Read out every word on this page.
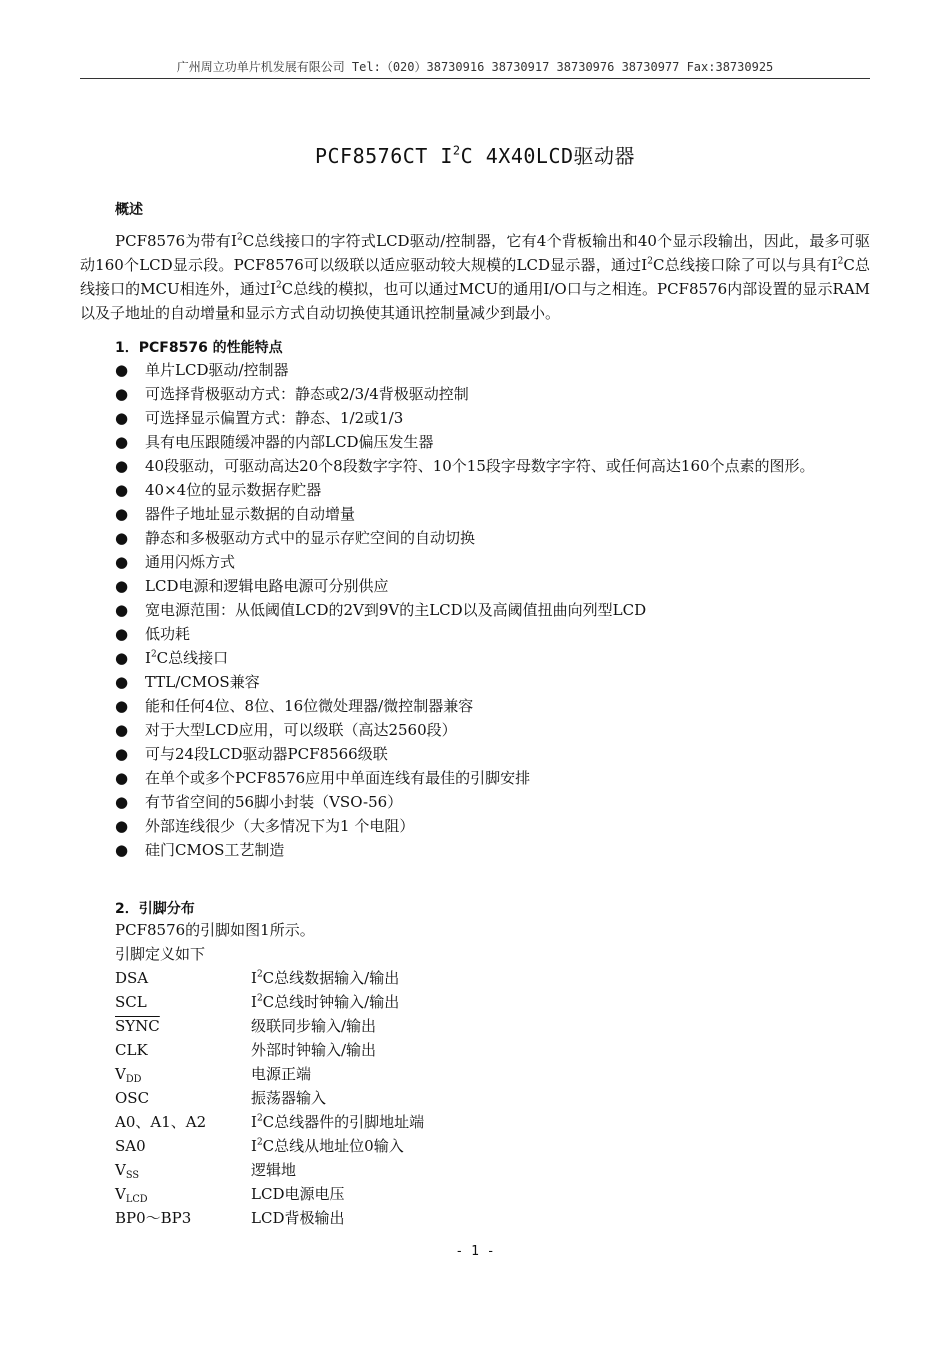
广州周立功单片机发展有限公司 Tel:（020）38730916 38730917 38730976 38730977 Fax:38730925
PCF8576CT $I^2C$ 4X40LCD驱动器
概述
PCF8576为带有$I^2C$总线接口的字符式LCD驱动/控制器，它有4个背板输出和40个显示段输出，因此，最多可驱动160个LCD显示段。PCF8576可以级联以适应驱动较大规模的LCD显示器，通过$I^2C$总线接口除了可以与具有$I^2C$总线接口的MCU相连外，通过$I^2C$总线的模拟，也可以通过MCU的通用I/O口与之相连。PCF8576内部设置的显示RAM以及子地址的自动增量和显示方式自动切换使其通讯控制量减少到最小。
1．PCF8576 的性能特点
● 单片LCD驱动/控制器
● 可选择背极驱动方式：静态或2/3/4背极驱动控制
● 可选择显示偏置方式：静态、1/2或1/3
● 具有电压跟随缓冲器的内部LCD偏压发生器
● 40段驱动，可驱动高达20个8段数字字符、10个15段字母数字字符、或任何高达160个点素的图形。
● 40×4位的显示数据存贮器
● 器件子地址显示数据的自动增量
● 静态和多极驱动方式中的显示存贮空间的自动切换
● 通用闪烁方式
● LCD电源和逻辑电路电源可分别供应
● 宽电源范围：从低阈值LCD的2V到9V的主LCD以及高阈值扭曲向列型LCD
● 低功耗
● $I^2C$总线接口
● TTL/CMOS兼容
● 能和任何4位、8位、16位微处理器/微控制器兼容
● 对于大型LCD应用，可以级联（高达2560段）
● 可与24段LCD驱动器PCF8566级联
● 在单个或多个PCF8576应用中单面连线有最佳的引脚安排
● 有节省空间的56脚小封装（VSO-56）
● 外部连线很少（大多情况下为1 个电阻）
● 硅门CMOS工艺制造
2．引脚分布
PCF8576的引脚如图1所示。
引脚定义如下
DSA	$I^2C$总线数据输入/输出
SCL	$I^2C$总线时钟输入/输出
SYNC	级联同步输入/输出
CLK	外部时钟输入/输出
$V_{DD}$	电源正端
OSC	振荡器输入
A0、A1、A2	$I^2C$总线器件的引脚地址端
SA0	$I^2C$总线从地址位0输入
$V_{SS}$	逻辑地
$V_{LCD}$	LCD电源电压
BP0～BP3	LCD背极输出
- 1 -
